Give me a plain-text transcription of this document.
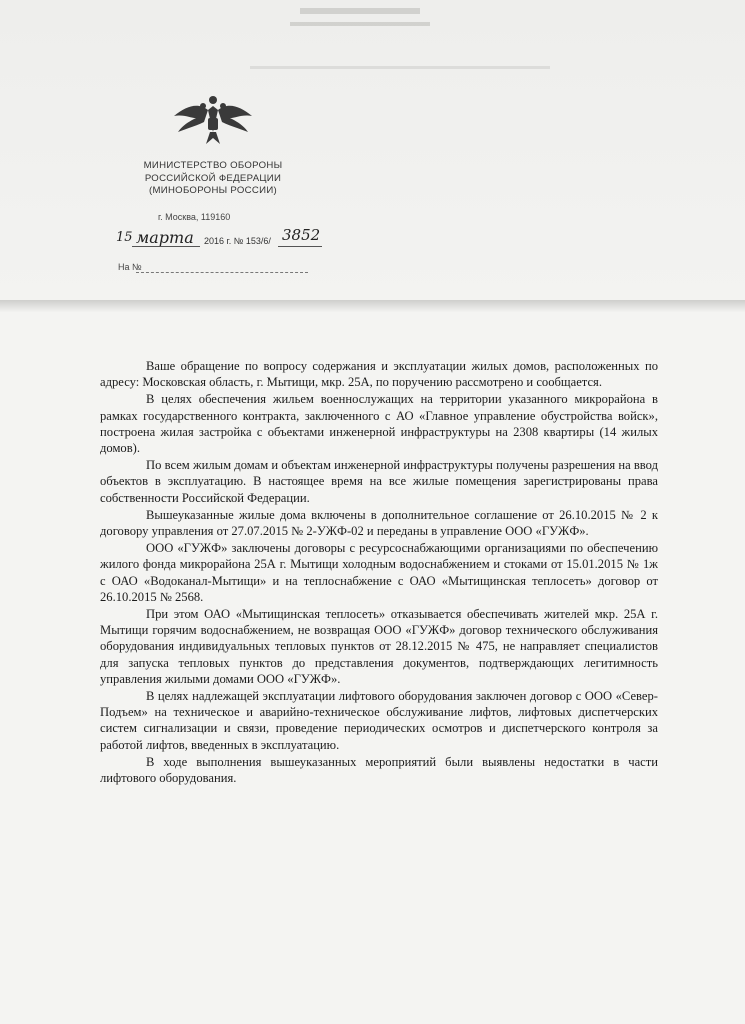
МИНИСТЕРСТВО ОБОРОНЫ
РОССИЙСКОЙ ФЕДЕРАЦИИ
(МИНОБОРОНЫ РОССИИ)
г. Москва, 119160
15 марта 2016 г. № 153/6/ 3852
На №

Ваше обращение по вопросу содержания и эксплуатации жилых домов, расположенных по адресу: Московская область, г. Мытищи, мкр. 25А, по поручению рассмотрено и сообщается.

В целях обеспечения жильем военнослужащих на территории указанного микрорайона в рамках государственного контракта, заключенного с АО «Главное управление обустройства войск», построена жилая застройка с объектами инженерной инфраструктуры на 2308 квартиры (14 жилых домов).

По всем жилым домам и объектам инженерной инфраструктуры получены разрешения на ввод объектов в эксплуатацию. В настоящее время на все жилые помещения зарегистрированы права собственности Российской Федерации.

Вышеуказанные жилые дома включены в дополнительное соглашение от 26.10.2015 № 2 к договору управления от 27.07.2015 № 2-УЖФ-02 и переданы в управление ООО «ГУЖФ».

ООО «ГУЖФ» заключены договоры с ресурсоснабжающими организациями по обеспечению жилого фонда микрорайона 25А г. Мытищи холодным водоснабжением и стоками от 15.01.2015 № 1ж с ОАО «Водоканал-Мытищи» и на теплоснабжение с ОАО «Мытищинская теплосеть» договор от 26.10.2015 № 2568.

При этом ОАО «Мытищинская теплосеть» отказывается обеспечивать жителей мкр. 25А г. Мытищи горячим водоснабжением, не возвращая ООО «ГУЖФ» договор технического обслуживания оборудования индивидуальных тепловых пунктов от 28.12.2015 № 475, не направляет специалистов для запуска тепловых пунктов до представления документов, подтверждающих легитимность управления жилыми домами ООО «ГУЖФ».

В целях надлежащей эксплуатации лифтового оборудования заключен договор с ООО «Север-Подъем» на техническое и аварийно-техническое обслуживание лифтов, лифтовых диспетчерских систем сигнализации и связи, проведение периодических осмотров и диспетчерского контроля за работой лифтов, введенных в эксплуатацию.

В ходе выполнения вышеуказанных мероприятий были выявлены недостатки в части лифтового оборудования.
